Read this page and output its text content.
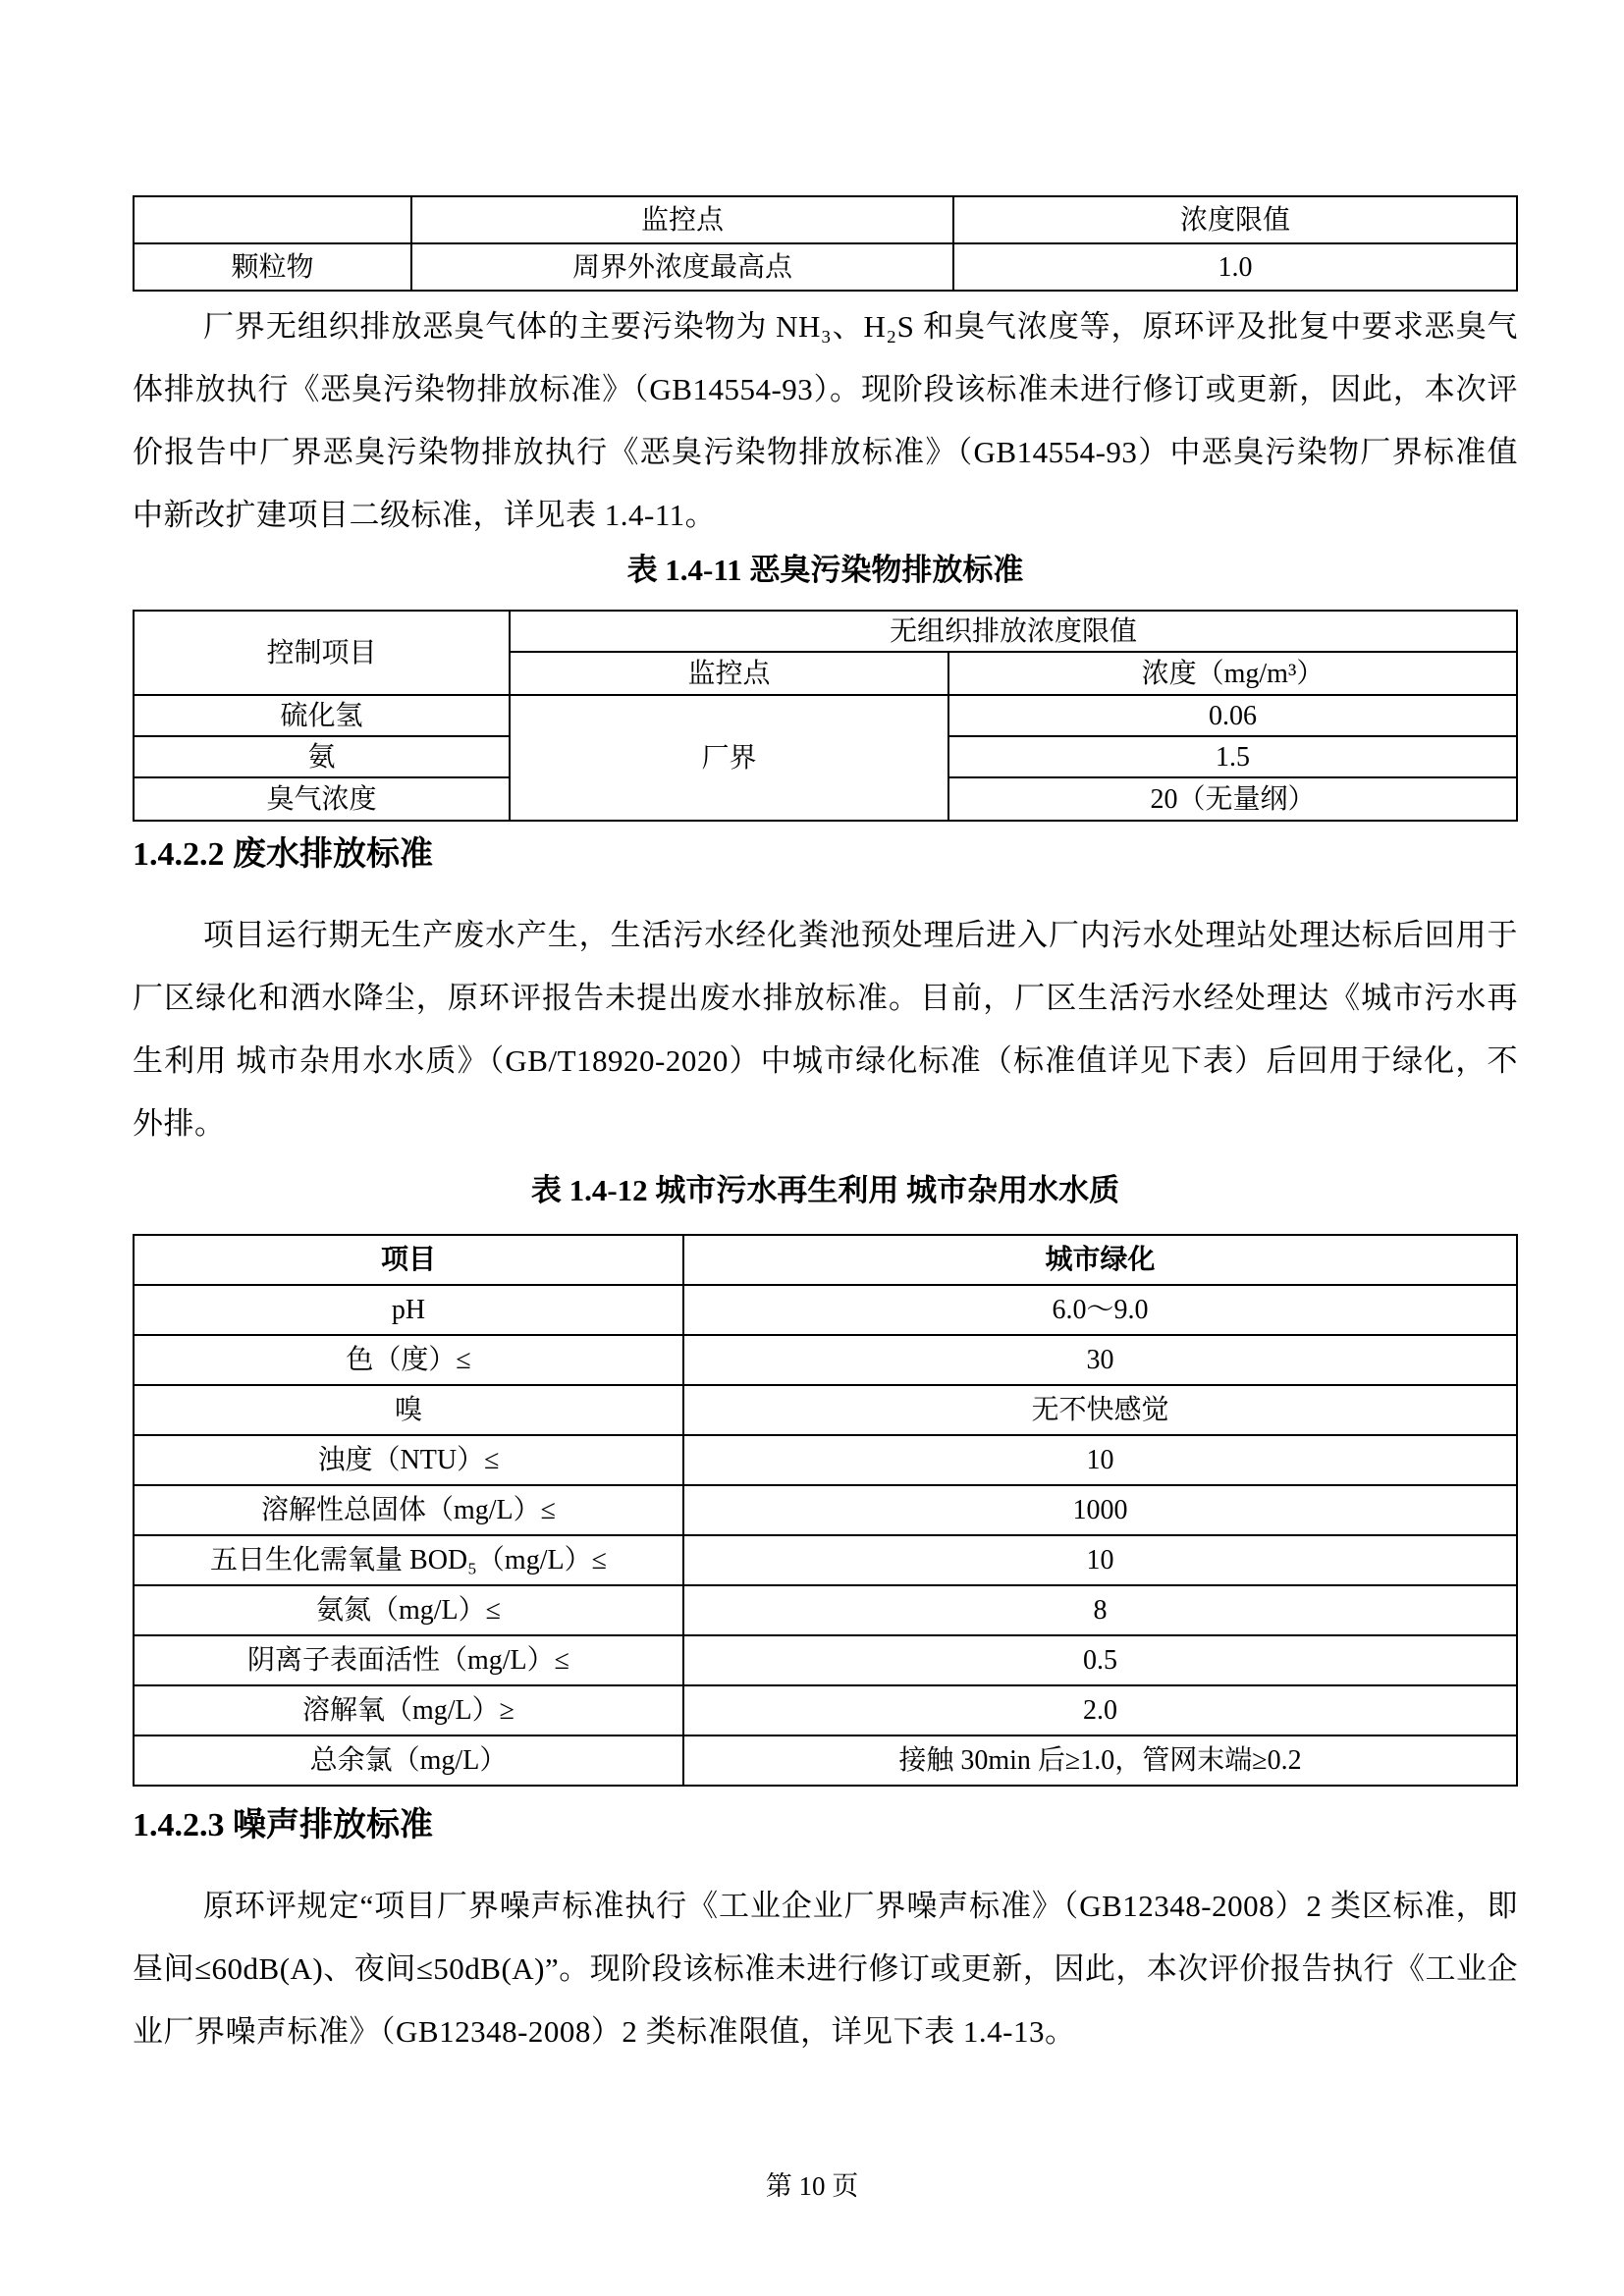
	监控点	浓度限值
颗粒物	周界外浓度最高点	1.0

厂界无组织排放恶臭气体的主要污染物为 NH₃、H₂S 和臭气浓度等，原环评及批复中要求恶臭气体排放执行《恶臭污染物排放标准》（GB14554-93）。现阶段该标准未进行修订或更新，因此，本次评价报告中厂界恶臭污染物排放执行《恶臭污染物排放标准》（GB14554-93）中恶臭污染物厂界标准值中新改扩建项目二级标准，详见表 1.4-11。

表 1.4-11 恶臭污染物排放标准
控制项目	无组织排放浓度限值	
	监控点	浓度（mg/m³）
硫化氢	厂界	0.06
氨		1.5
臭气浓度		20（无量纲）
1.4.2.2 废水排放标准

项目运行期无生产废水产生，生活污水经化粪池预处理后进入厂内污水处理站处理达标后回用于厂区绿化和洒水降尘，原环评报告未提出废水排放标准。目前，厂区生活污水经处理达《城市污水再生利用 城市杂用水水质》（GB/T18920-2020）中城市绿化标准（标准值详见下表）后回用于绿化，不外排。

表 1.4-12 城市污水再生利用 城市杂用水水质
项目	城市绿化
pH	6.0～9.0
色（度）≤	30
嗅	无不快感觉
浊度（NTU）≤	10
溶解性总固体（mg/L）≤	1000
五日生化需氧量 BOD₅（mg/L）≤	10
氨氮（mg/L）≤	8
阴离子表面活性（mg/L）≤	0.5
溶解氧（mg/L）≥	2.0
总余氯（mg/L）	接触 30min 后≥1.0，管网末端≥0.2
1.4.2.3 噪声排放标准

原环评规定“项目厂界噪声标准执行《工业企业厂界噪声标准》（GB12348-2008）2 类区标准，即昼间≤60dB(A)、夜间≤50dB(A)”。现阶段该标准未进行修订或更新，因此，本次评价报告执行《工业企业厂界噪声标准》（GB12348-2008）2 类标准限值，详见下表 1.4-13。

第 10 页
